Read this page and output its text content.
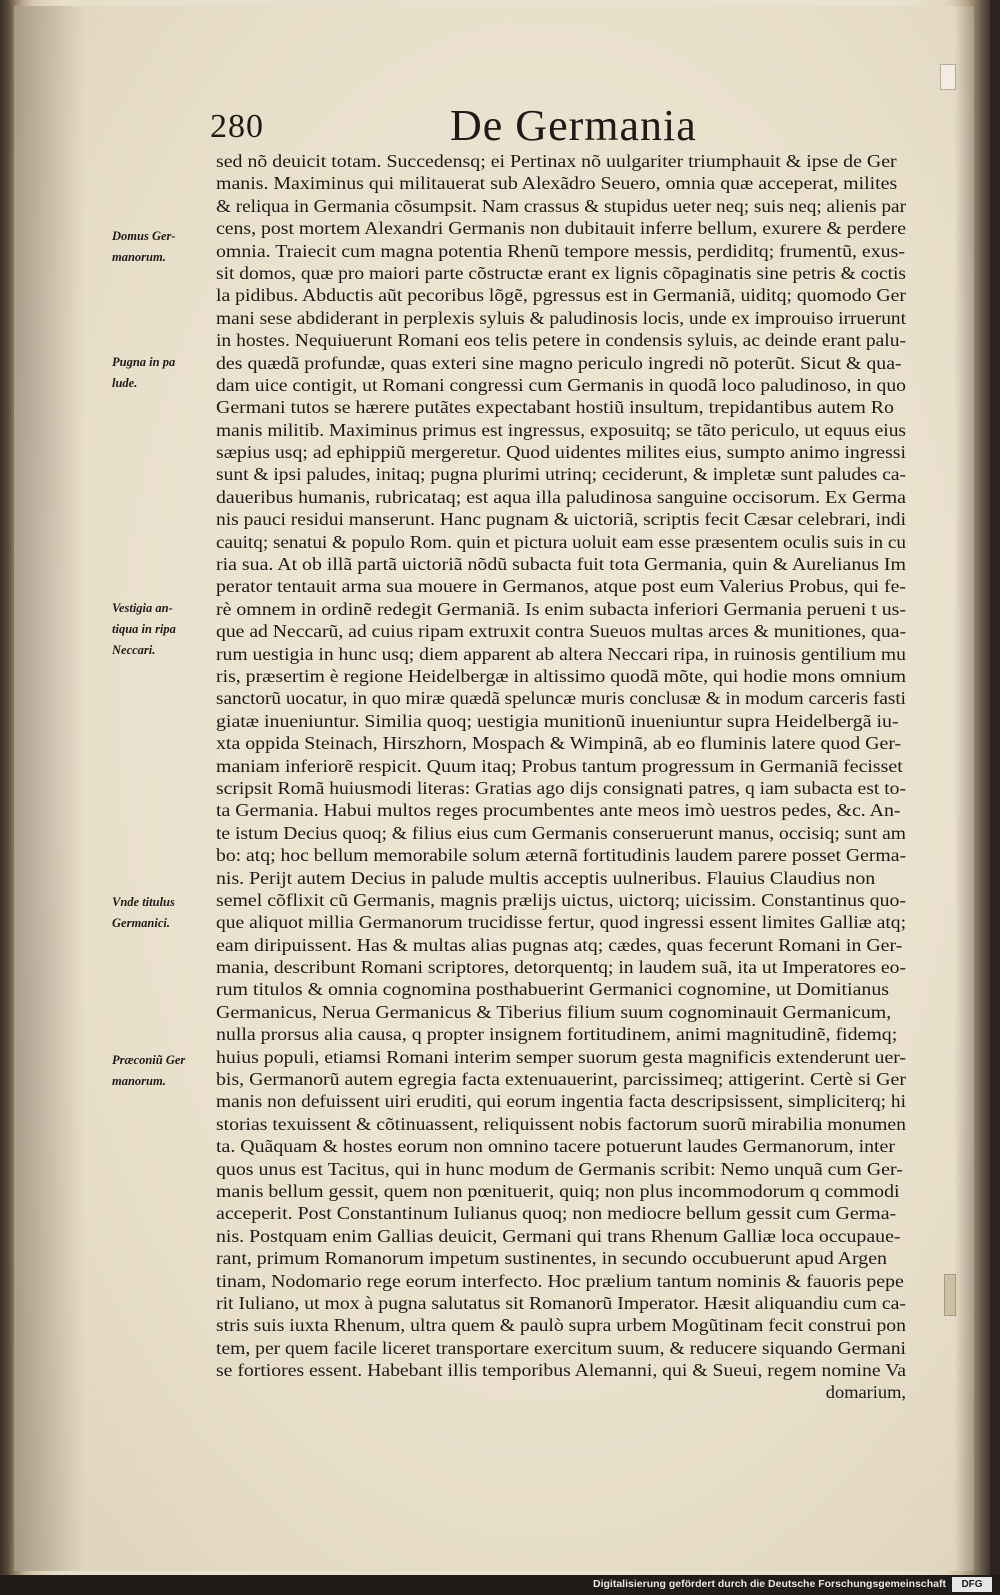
280	De Germania
Domus Ger-
manorum.
Pugna in pa
lude.
Vestigia an-
tiqua in ripa
Neccari.
Vnde titulus
Germanici.
Præconiũ Ger
manorum.
sed nõ deuicit totam. Succedensq; ei Pertinax nõ uulgariter triumphauit & ipse de Ger
manis. Maximinus qui militauerat sub Alexãdro Seuero, omnia quæ acceperat, milites
& reliqua in Germania cõsumpsit. Nam crassus & stupidus ueter neq; suis neq; alienis par
cens, post mortem Alexandri Germanis non dubitauit inferre bellum, exurere & perdere
omnia. Traiecit cum magna potentia Rhenũ tempore messis, perdiditq; frumentũ, exus-
sit domos, quæ pro maiori parte cõstructæ erant ex lignis cõpaginatis sine petris & coctis
la pidibus. Abductis aũt pecoribus lõgẽ, pgressus est in Germaniã, uiditq; quomodo Ger
mani sese abdiderant in perplexis syluis & paludinosis locis, unde ex improuiso irruerunt
in hostes. Nequiuerunt Romani eos telis petere in condensis syluis, ac deinde erant palu-
des quædã profundæ, quas exteri sine magno periculo ingredi nõ poterũt. Sicut & qua-
dam uice contigit, ut Romani congressi cum Germanis in quodã loco paludinoso, in quo
Germani tutos se hærere putãtes expectabant hostiũ insultum, trepidantibus autem Ro
manis militib. Maximinus primus est ingressus, exposuitq; se tãto periculo, ut equus eius
sæpius usq; ad ephippiũ mergeretur. Quod uidentes milites eius, sumpto animo ingressi
sunt & ipsi paludes, initaq; pugna plurimi utrinq; ceciderunt, & impletæ sunt paludes ca-
daueribus humanis, rubricataq; est aqua illa paludinosa sanguine occisorum. Ex Germa
nis pauci residui manserunt. Hanc pugnam & uictoriã, scriptis fecit Cæsar celebrari, indi
cauitq; senatui & populo Rom. quin et pictura uoluit eam esse præsentem oculis suis in cu
ria sua. At ob illã partã uictoriã nõdũ subacta fuit tota Germania, quin & Aurelianus Im
perator tentauit arma sua mouere in Germanos, atque post eum Valerius Probus, qui fe-
rè omnem in ordinẽ redegit Germaniã. Is enim subacta inferiori Germania perueni t us-
que ad Neccarũ, ad cuius ripam extruxit contra Sueuos multas arces & munitiones, qua-
rum uestigia in hunc usq; diem apparent ab altera Neccari ripa, in ruinosis gentilium mu
ris, præsertim è regione Heidelbergæ in altissimo quodã mõte, qui hodie mons omnium
sanctorũ uocatur, in quo miræ quædã speluncæ muris conclusæ & in modum carceris fasti
giatæ inueniuntur. Similia quoq; uestigia munitionũ inueniuntur supra Heidelbergã iu-
xta oppida Steinach, Hirszhorn, Mospach & Wimpinã, ab eo fluminis latere quod Ger-
maniam inferiorẽ respicit. Quum itaq; Probus tantum progressum in Germaniã fecisset
scripsit Romã huiusmodi literas: Gratias ago dijs consignati patres, q iam subacta est to-
ta Germania. Habui multos reges procumbentes ante meos imò uestros pedes, &c. An-
te istum Decius quoq; & filius eius cum Germanis conseruerunt manus, occisiq; sunt am
bo: atq; hoc bellum memorabile solum æternã fortitudinis laudem parere posset Germa-
nis. Perijt autem Decius in palude multis acceptis uulneribus. Flauius Claudius non
semel cõflixit cũ Germanis, magnis prælijs uictus, uictorq; uicissim. Constantinus quo-
que aliquot millia Germanorum trucidisse fertur, quod ingressi essent limites Galliæ atq;
eam diripuissent. Has & multas alias pugnas atq; cædes, quas fecerunt Romani in Ger-
mania, describunt Romani scriptores, detorquentq; in laudem suã, ita ut Imperatores eo-
rum titulos & omnia cognomina posthabuerint Germanici cognomine, ut Domitianus
Germanicus, Nerua Germanicus & Tiberius filium suum cognominauit Germanicum,
nulla prorsus alia causa, q propter insignem fortitudinem, animi magnitudinẽ, fidemq;
huius populi, etiamsi Romani interim semper suorum gesta magnificis extenderunt uer-
bis, Germanorũ autem egregia facta extenuauerint, parcissimeq; attigerint. Certè si Ger
manis non defuissent uiri eruditi, qui eorum ingentia facta descripsissent, simpliciterq; hi
storias texuissent & cõtinuassent, reliquissent nobis factorum suorũ mirabilia monumen
ta. Quãquam & hostes eorum non omnino tacere potuerunt laudes Germanorum, inter
quos unus est Tacitus, qui in hunc modum de Germanis scribit: Nemo unquã cum Ger-
manis bellum gessit, quem non pœnituerit, quiq; non plus incommodorum q commodi
acceperit. Post Constantinum Iulianus quoq; non mediocre bellum gessit cum Germa-
nis. Postquam enim Gallias deuicit, Germani qui trans Rhenum Galliæ loca occupaue-
rant, primum Romanorum impetum sustinentes, in secundo occubuerunt apud Argen
tinam, Nodomario rege eorum interfecto. Hoc prælium tantum nominis & fauoris pepe
rit Iuliano, ut mox à pugna salutatus sit Romanorũ Imperator. Hæsit aliquandiu cum ca-
stris suis iuxta Rhenum, ultra quem & paulò supra urbem Mogũtinam fecit construi pon
tem, per quem facile liceret transportare exercitum suum, & reducere siquando Germani
se fortiores essent. Habebant illis temporibus Alemanni, qui & Sueui, regem nomine Va
domarium,
Digitalisierung gefördert durch die Deutsche Forschungsgemeinschaft	DFG
